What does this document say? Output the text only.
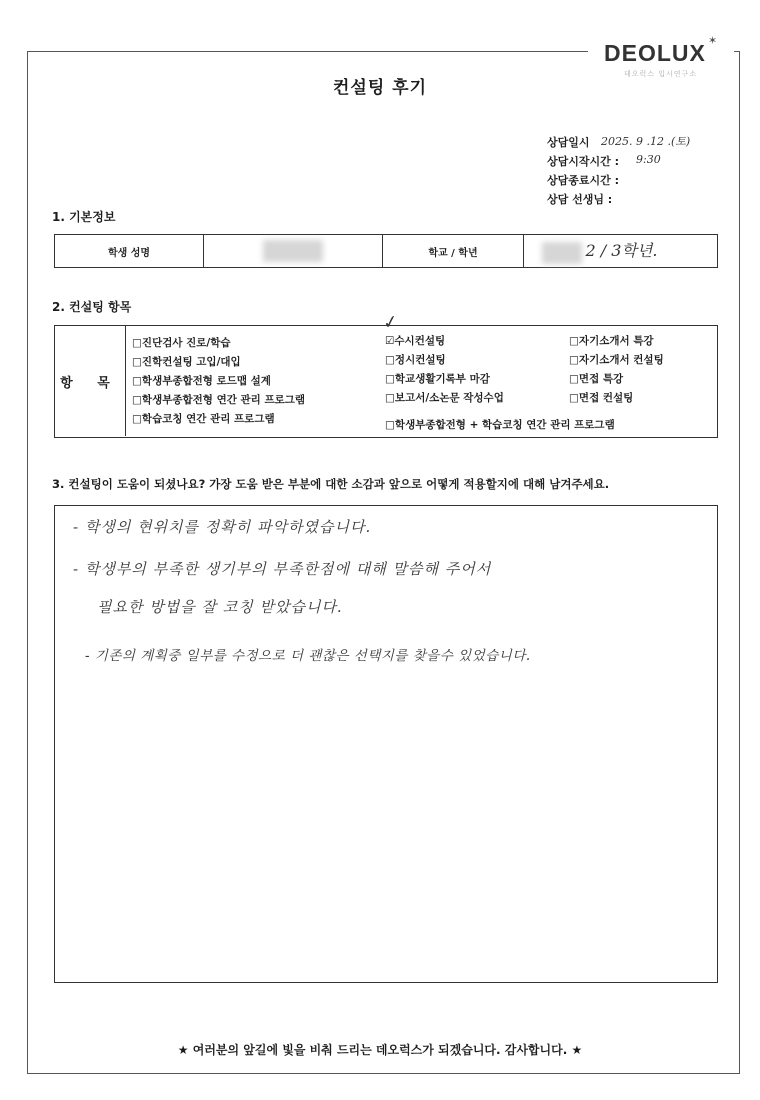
DEOLUX ✶
데오럭스 입시연구소
컨설팅 후기
상담일시 2025. 9 .12 .(토)
상담시작시간 : 9:30
상담종료시간 :
상담 선생님 :
1. 기본정보
학생 성명		학교 / 학년	2 / 3학년.
2. 컨설팅 항목
항 목
□진단검사 진로/학습
□진학컨설팅 고입/대입
□학생부종합전형 로드맵 설계
□학생부종합전형 연간 관리 프로그램
□학습코칭 연간 관리 프로그램
☑수시컨설팅
□정시컨설팅
□학교생활기록부 마감
□보고서/소논문 작성수업
□학생부종합전형 + 학습코칭 연간 관리 프로그램
□자기소개서 특강
□자기소개서 컨설팅
□면접 특강
□면접 컨설팅
✓
3. 컨설팅이 도움이 되셨나요? 가장 도움 받은 부분에 대한 소감과 앞으로 어떻게 적용할지에 대해 남겨주세요.
- 학생의 현위치를 정확히 파악하였습니다.
- 학생부의 부족한 생기부의 부족한점에 대해 말씀해 주어서
필요한 방법을 잘 코칭 받았습니다.
- 기존의 계획중 일부를 수정으로 더 괜찮은 선택지를 찾을수 있었습니다.
★ 여러분의 앞길에 빛을 비춰 드리는 데오럭스가 되겠습니다. 감사합니다. ★
